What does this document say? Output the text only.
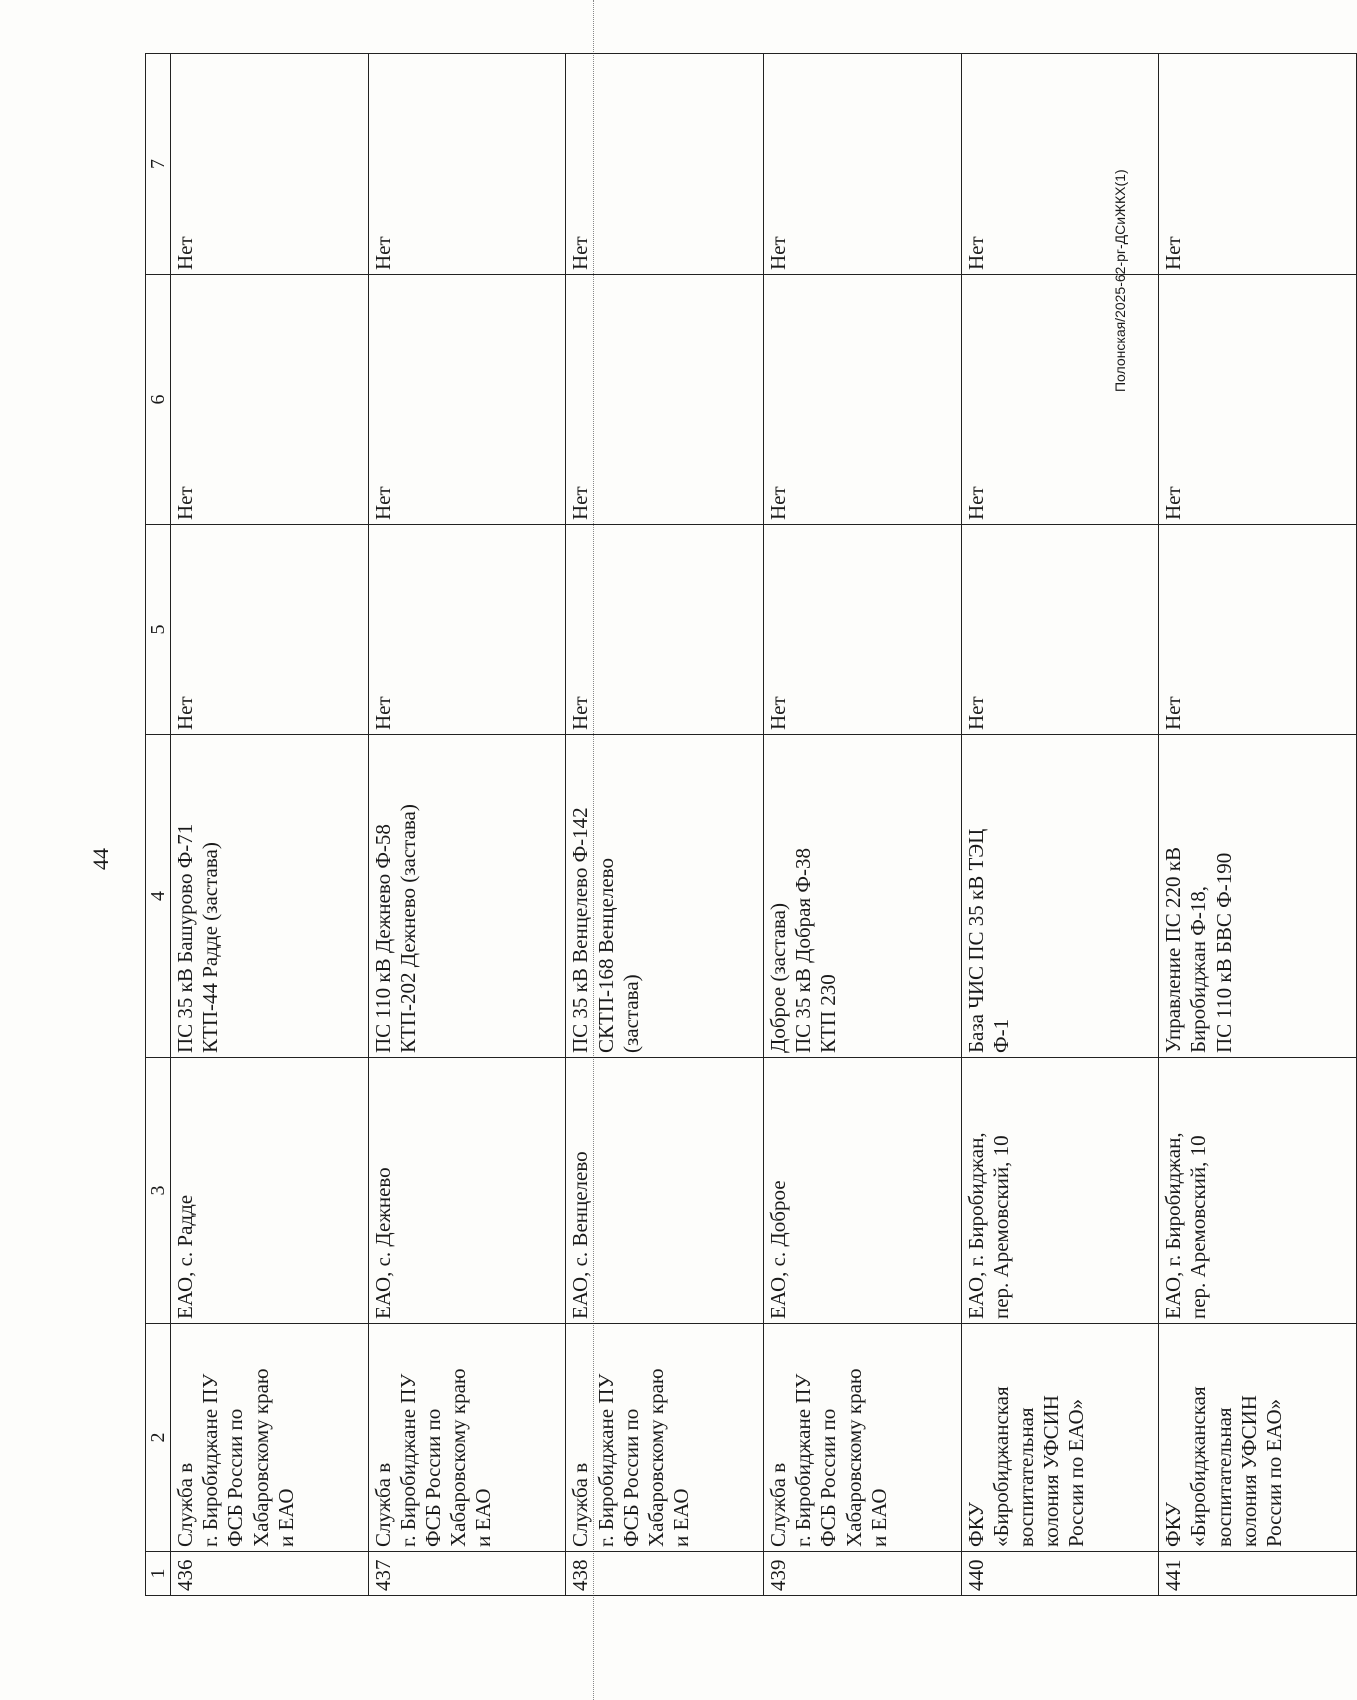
44
Полонская/2025-62-рг-ДСиЖКХ(1)
1	2	3	4	5	6	7
436	Служба в
г. Биробиджане ПУ
ФСБ России по
Хабаровскому краю
и ЕАО	ЕАО, с. Радде	ПС 35 кВ Башурово Ф-71
КТП-44 Радде (застава)	Нет	Нет	Нет
437	Служба в
г. Биробиджане ПУ
ФСБ России по
Хабаровскому краю
и ЕАО	ЕАО, с. Дежнево	ПС 110 кВ Дежнево Ф-58
КТП-202 Дежнево (застава)	Нет	Нет	Нет
438	Служба в
г. Биробиджане ПУ
ФСБ России по
Хабаровскому краю
и ЕАО	ЕАО, с. Венцелево	ПС 35 кВ Венцелево Ф-142
СКТП-168 Венцелево
(застава)	Нет	Нет	Нет
439	Служба в
г. Биробиджане ПУ
ФСБ России по
Хабаровскому краю
и ЕАО	ЕАО, с. Доброе	Доброе (застава)
ПС 35 кВ Добрая Ф-38
КТП 230	Нет	Нет	Нет
440	ФКУ
«Биробиджанская
воспитательная
колония УФСИН
России по ЕАО»	ЕАО, г. Биробиджан,
пер. Аремовский, 10	База ЧИС ПС 35 кВ ТЭЦ
Ф-1	Нет	Нет	Нет
441	ФКУ
«Биробиджанская
воспитательная
колония УФСИН
России по ЕАО»	ЕАО, г. Биробиджан,
пер. Аремовский, 10	Управление ПС 220 кВ
Биробиджан Ф-18,
ПС 110 кВ БВС Ф-190	Нет	Нет	Нет
